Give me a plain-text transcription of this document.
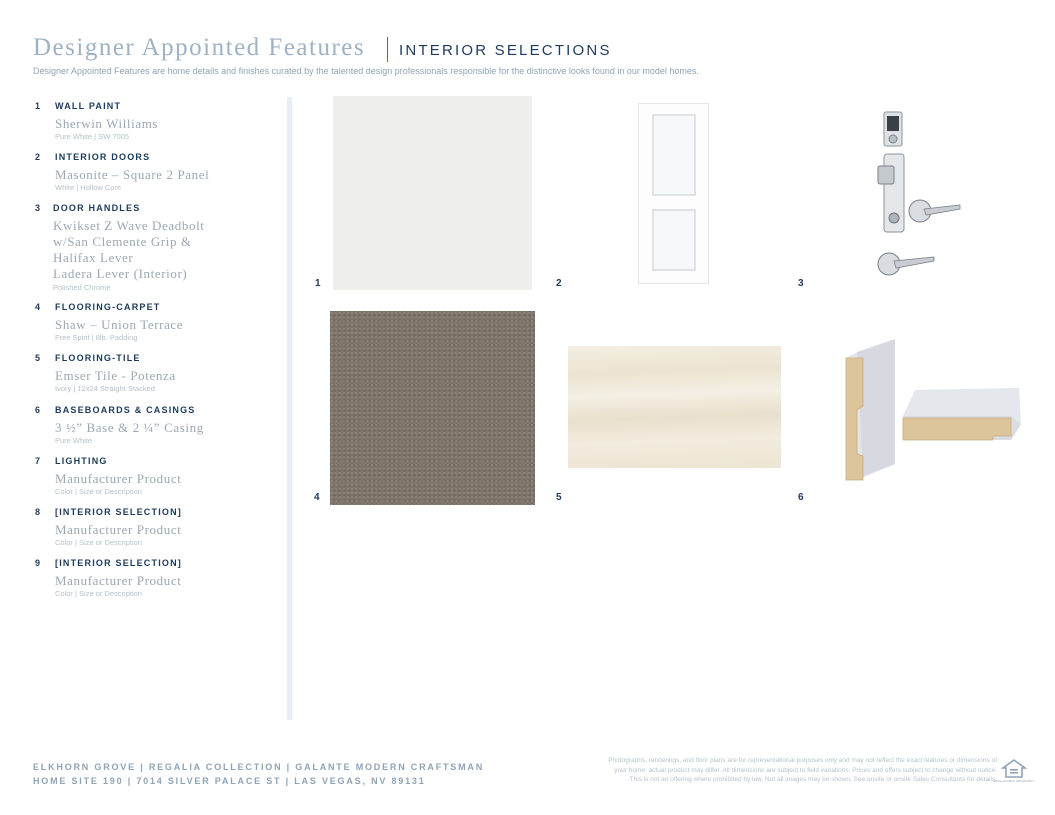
Designer Appointed Features INTERIOR SELECTIONS
Designer Appointed Features are home details and finishes curated by the talented design professionals responsible for the distinctive looks found in our model homes.
1 WALL PAINT
Sherwin Williams
Pure White | SW 7005
2 INTERIOR DOORS
Masonite – Square 2 Panel
White | Hollow Core
3 DOOR HANDLES
Kwikset Z Wave Deadbolt
w/San Clemente Grip &
Halifax Lever
Ladera Lever (Interior)
Polished Chrome
4 FLOORING-CARPET
Shaw – Union Terrace
Free Spirit | 8lb. Padding
5 FLOORING-TILE
Emser Tile - Potenza
Ivory | 12x24 Straight Stacked
6 BASEBOARDS & CASINGS
3 ½” Base & 2 ¼” Casing
Pure White
7 LIGHTING
Manufacturer Product
Color | Size or Description
8 [INTERIOR SELECTION]
Manufacturer Product
Color | Size or Description
9 [INTERIOR SELECTION]
Manufacturer Product
Color | Size or Description
1	2	3
4	5	6
ELKHORN GROVE | REGALIA COLLECTION | GALANTE MODERN CRAFTSMAN
HOME SITE 190 | 7014 SILVER PALACE ST | LAS VEGAS, NV 89131
Photographs, renderings, and floor plans are for representational purposes only and may not reflect the exact features or dimensions of
your home; actual product may differ. All dimensions are subject to field variations. Prices and offers subject to change without notice.
This is not an offering where prohibited by law. Not all images may be shown. See onsite or onsite Sales Consultants for details.
EQUAL HOUSING OPPORTUNITY
